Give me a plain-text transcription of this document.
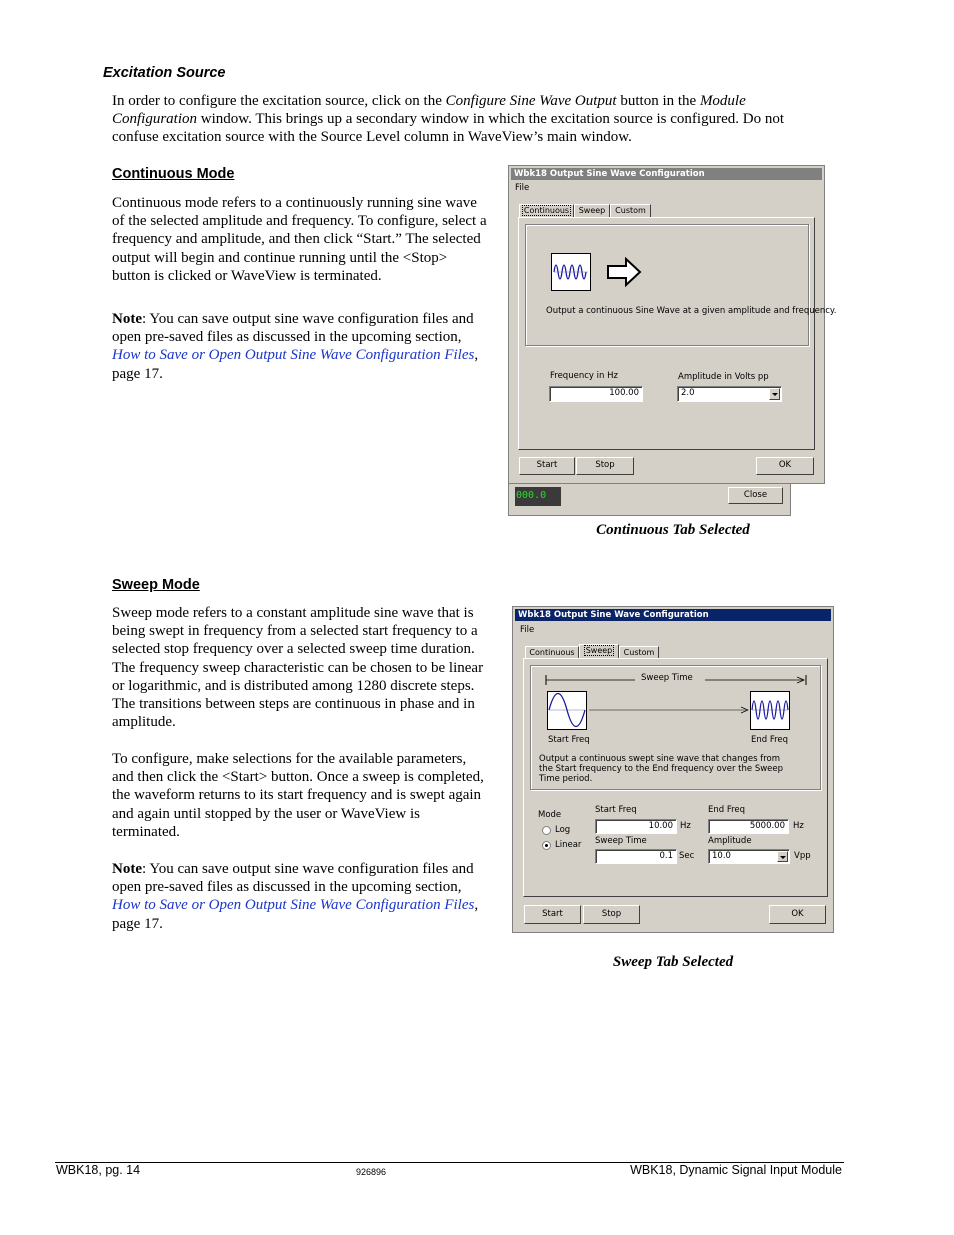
Excitation Source

In order to configure the excitation source, click on the Configure Sine Wave Output button in the Module Configuration window. This brings up a secondary window in which the excitation source is configured. Do not confuse excitation source with the Source Level column in WaveView’s main window.

Continuous Mode

Continuous mode refers to a continuously running sine wave of the selected amplitude and frequency. To configure, select a frequency and amplitude, and then click “Start.” The selected output will begin and continue running until the <Stop> button is clicked or WaveView is terminated.

Note: You can save output sine wave configuration files and open pre-saved files as discussed in the upcoming section, How to Save or Open Output Sine Wave Configuration Files, page 17.

000.0	Close
Wbk18 Output Sine Wave Configuration
File
Continuous	Sweep	Custom
Output a continuous Sine Wave at a given amplitude and frequency.
Frequency in Hz
100.00
Amplitude in Volts pp
2.0
Start	Stop	OK
Continuous Tab Selected
Sweep Mode

Sweep mode refers to a constant amplitude sine wave that is being swept in frequency from a selected start frequency to a selected stop frequency over a selected sweep time duration. The frequency sweep characteristic can be chosen to be linear or logarithmic, and is distributed among 1280 discrete steps. The transitions between steps are continuous in phase and in amplitude.

To configure, make selections for the available parameters, and then click the <Start> button. Once a sweep is completed, the waveform returns to its start frequency and is swept again and again until stopped by the user or WaveView is terminated.

Note: You can save output sine wave configuration files and open pre-saved files as discussed in the upcoming section, How to Save or Open Output Sine Wave Configuration Files, page 17.

Wbk18 Output Sine Wave Configuration
File
Continuous	Sweep	Custom
Sweep Time
Start Freq	End Freq
Output a continuous swept sine wave that changes from the Start frequency to the End frequency over the Sweep Time period.
Mode
Log
Linear
Start Freq
10.00 Hz
End Freq
5000.00 Hz
Sweep Time
0.1 Sec
Amplitude
10.0	Vpp
Start	Stop	OK
Sweep Tab Selected
WBK18, pg. 14	926896	WBK18, Dynamic Signal Input Module
